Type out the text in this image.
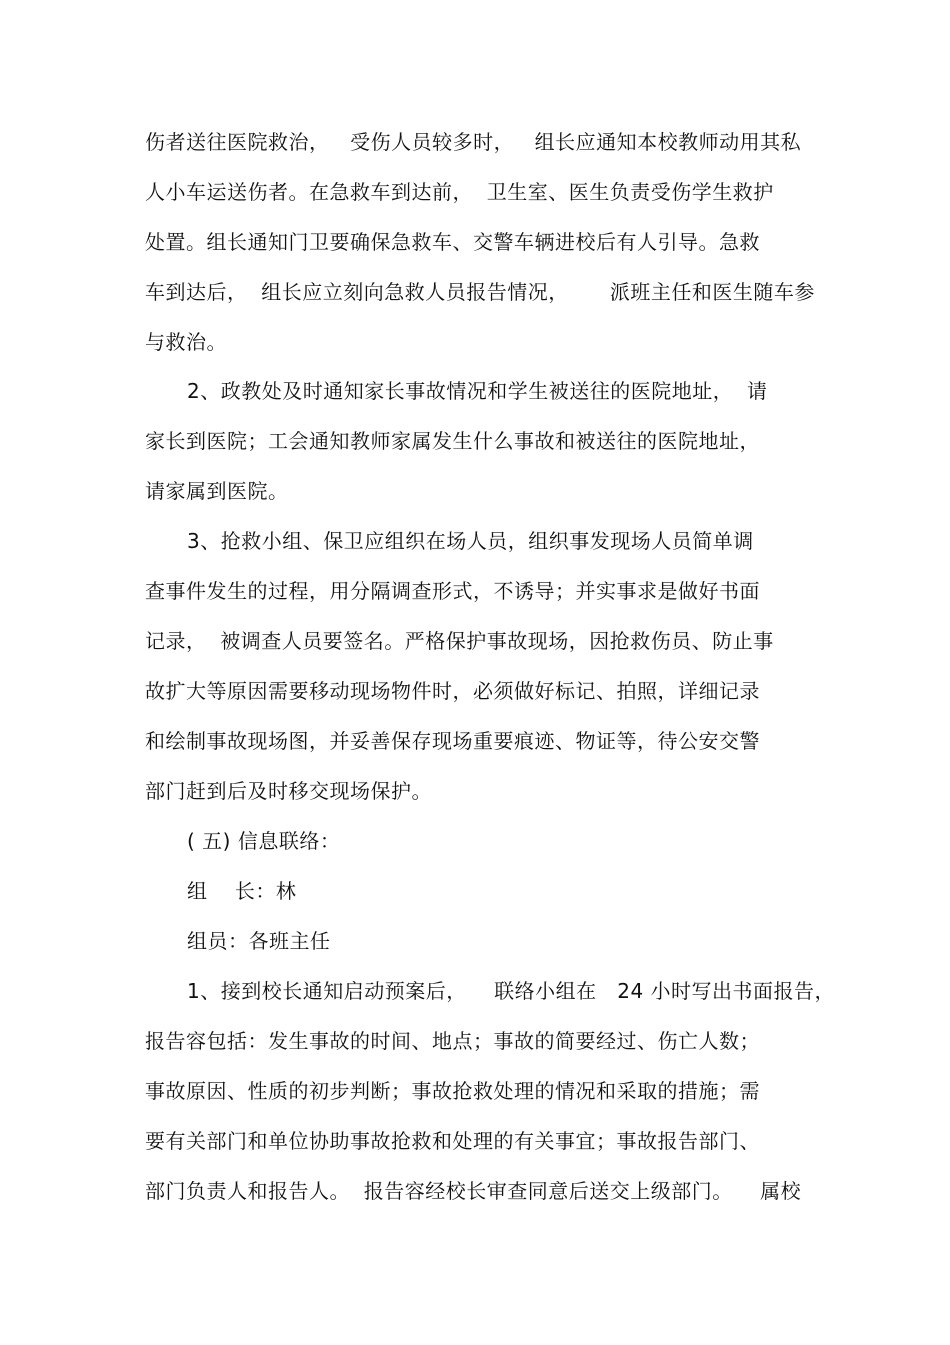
伤者送往医院救治，   受伤人员较多时，   组长应通知本校教师动用其私
人小车运送伤者。在急救车到达前，  卫生室、医生负责受伤学生救护
处置。组长通知门卫要确保急救车、交警车辆进校后有人引导。急救
车到达后，  组长应立刻向急救人员报告情况，      派班主任和医生随车参
与救治。
2、政教处及时通知家长事故情况和学生被送往的医院地址，  请
家长到医院；工会通知教师家属发生什么事故和被送往的医院地址，
请家属到医院。
3、抢救小组、保卫应组织在场人员，组织事发现场人员简单调
查事件发生的过程，用分隔调查形式，不诱导；并实事求是做好书面
记录，  被调查人员要签名。严格保护事故现场，因抢救伤员、防止事
故扩大等原因需要移动现场物件时，必须做好标记、拍照，详细记录
和绘制事故现场图，并妥善保存现场重要痕迹、物证等，待公安交警
部门赶到后及时移交现场保护。
( 五) 信息联络：
组    长：林
组员：各班主任
1、接到校长通知启动预案后，    联络小组在   24 小时写出书面报告，
报告容包括：发生事故的时间、地点；事故的简要经过、伤亡人数；
事故原因、性质的初步判断；事故抢救处理的情况和采取的措施；需
要有关部门和单位协助事故抢救和处理的有关事宜；事故报告部门、
部门负责人和报告人。  报告容经校长审查同意后送交上级部门。    属校
